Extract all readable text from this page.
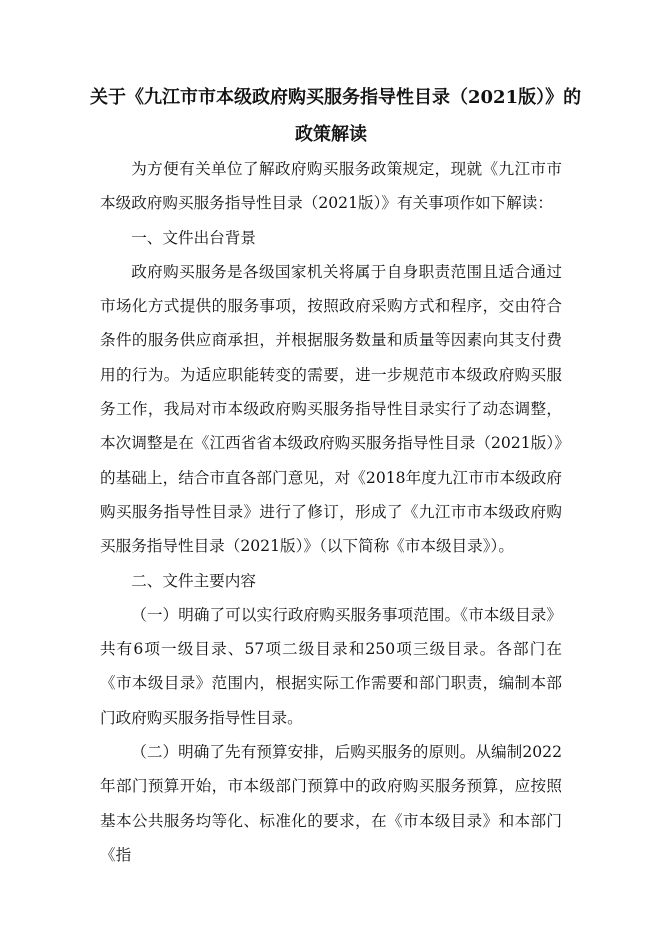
关于《九江市市本级政府购买服务指导性目录（2021版）》的
政策解读

为方便有关单位了解政府购买服务政策规定，现就《九江市市本级政府购买服务指导性目录（2021版）》有关事项作如下解读：

一、文件出台背景

政府购买服务是各级国家机关将属于自身职责范围且适合通过市场化方式提供的服务事项，按照政府采购方式和程序，交由符合条件的服务供应商承担，并根据服务数量和质量等因素向其支付费用的行为。为适应职能转变的需要，进一步规范市本级政府购买服务工作，我局对市本级政府购买服务指导性目录实行了动态调整，本次调整是在《江西省省本级政府购买服务指导性目录（2021版）》的基础上，结合市直各部门意见，对《2018年度九江市市本级政府购买服务指导性目录》进行了修订，形成了《九江市市本级政府购买服务指导性目录（2021版）》（以下简称《市本级目录》）。

二、文件主要内容

（一）明确了可以实行政府购买服务事项范围。《市本级目录》共有6项一级目录、57项二级目录和250项三级目录。各部门在《市本级目录》范围内，根据实际工作需要和部门职责，编制本部门政府购买服务指导性目录。

（二）明确了先有预算安排，后购买服务的原则。从编制2022年部门预算开始，市本级部门预算中的政府购买服务预算，应按照基本公共服务均等化、标准化的要求，在《市本级目录》和本部门《指
